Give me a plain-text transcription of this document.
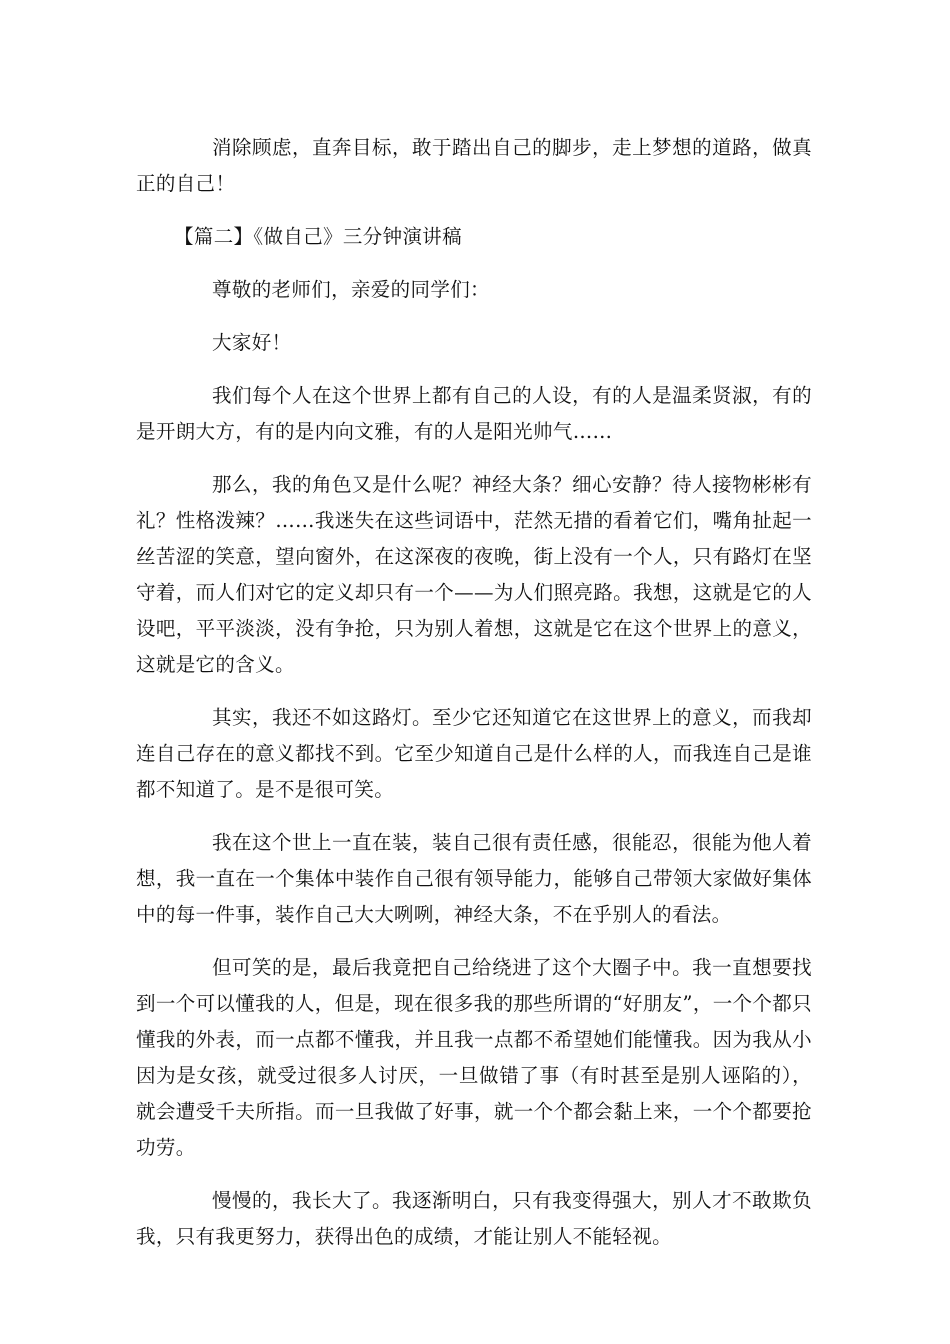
消除顾虑，直奔目标，敢于踏出自己的脚步，走上梦想的道路，做真正的自己！

【篇二】《做自己》三分钟演讲稿

尊敬的老师们，亲爱的同学们：

大家好！

我们每个人在这个世界上都有自己的人设，有的人是温柔贤淑，有的是开朗大方，有的是内向文雅，有的人是阳光帅气……

那么，我的角色又是什么呢？神经大条？细心安静？待人接物彬彬有礼？性格泼辣？……我迷失在这些词语中，茫然无措的看着它们，嘴角扯起一丝苦涩的笑意，望向窗外，在这深夜的夜晚，街上没有一个人，只有路灯在坚守着，而人们对它的定义却只有一个——为人们照亮路。我想，这就是它的人设吧，平平淡淡，没有争抢，只为别人着想，这就是它在这个世界上的意义，这就是它的含义。

其实，我还不如这路灯。至少它还知道它在这世界上的意义，而我却连自己存在的意义都找不到。它至少知道自己是什么样的人，而我连自己是谁都不知道了。是不是很可笑。

我在这个世上一直在装，装自己很有责任感，很能忍，很能为他人着想，我一直在一个集体中装作自己很有领导能力，能够自己带领大家做好集体中的每一件事，装作自己大大咧咧，神经大条，不在乎别人的看法。

但可笑的是，最后我竟把自己给绕进了这个大圈子中。我一直想要找到一个可以懂我的人，但是，现在很多我的那些所谓的“好朋友”，一个个都只懂我的外表，而一点都不懂我，并且我一点都不希望她们能懂我。因为我从小因为是女孩，就受过很多人讨厌，一旦做错了事（有时甚至是别人诬陷的），就会遭受千夫所指。而一旦我做了好事，就一个个都会黏上来，一个个都要抢功劳。

慢慢的，我长大了。我逐渐明白，只有我变得强大，别人才不敢欺负我，只有我更努力，获得出色的成绩，才能让别人不能轻视。
